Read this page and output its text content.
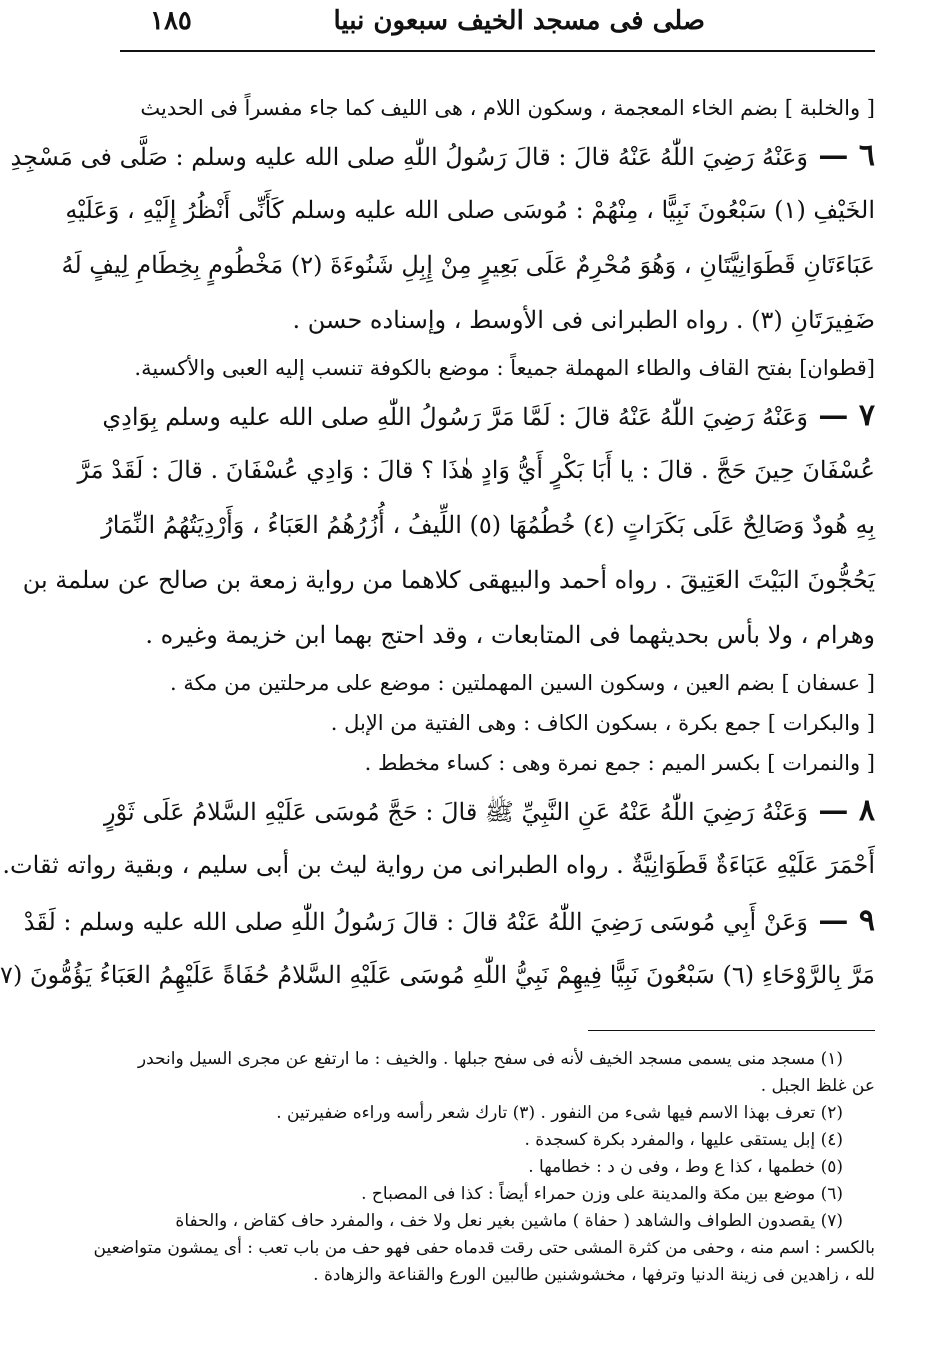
صلى فى مسجد الخيف سبعون نبيا
١٨٥
[ والخلبة ] بضم الخاء المعجمة ، وسكون اللام ، هى الليف كما جاء مفسراً فى الحديث
٦ — وَعَنْهُ رَضِيَ اللّٰهُ عَنْهُ قالَ : قالَ رَسُولُ اللّٰهِ صلى الله عليه وسلم : صَلَّى فى مَسْجِدِ
الخَيْفِ (١) سَبْعُونَ نَبِيًّا ، مِنْهُمْ : مُوسَى صلى الله عليه وسلم كَأَنِّى أَنْظُرُ إِلَيْهِ ، وَعَلَيْهِ
عَبَاءَتَانِ قَطَوَانِيَّتَانِ ، وَهُوَ مُحْرِمٌ عَلَى بَعِيرٍ مِنْ إِبِلِ شَنُوءَةَ (٢) مَخْطُومٍ بِخِطَامِ لِيفٍ لَهُ
ضَفِيرَتَانِ (٣) . رواه الطبرانى فى الأوسط ، وإسناده حسن .
[قطوان] بفتح القاف والطاء المهملة جميعاً : موضع بالكوفة تنسب إليه العبى والأكسية.
٧ — وَعَنْهُ رَضِيَ اللّٰهُ عَنْهُ قالَ : لَمَّا مَرَّ رَسُولُ اللّٰهِ صلى الله عليه وسلم بِوَادِي
عُسْفَانَ حِينَ حَجَّ . قالَ : يا أَبَا بَكْرٍ أَيُّ وَادٍ هٰذَا ؟ قالَ : وَادِي عُسْفَانَ . قالَ : لَقَدْ مَرَّ
بِهِ هُودٌ وَصَالِحٌ عَلَى بَكَرَاتٍ (٤) خُطُمُهَا (٥) اللِّيفُ ، أُزُرُهُمُ العَبَاءُ ، وَأَرْدِيَتُهُمُ النِّمَارُ
يَحُجُّونَ البَيْتَ العَتِيقَ . رواه أحمد والبيهقى كلاهما من رواية زمعة بن صالح عن سلمة بن
وهرام ، ولا بأس بحديثهما فى المتابعات ، وقد احتج بهما ابن خزيمة وغيره .
[ عسفان ] بضم العين ، وسكون السين المهملتين : موضع على مرحلتين من مكة .
[ والبكرات ] جمع بكرة ، بسكون الكاف : وهى الفتية من الإبل .
[ والنمرات ] بكسر الميم : جمع نمرة وهى : كساء مخطط .
٨ — وَعَنْهُ رَضِيَ اللّٰهُ عَنْهُ عَنِ النَّبِيِّ ﷺ قالَ : حَجَّ مُوسَى عَلَيْهِ السَّلامُ عَلَى ثَوْرٍ
أَحْمَرَ عَلَيْهِ عَبَاءَةٌ قَطَوَانِيَّةٌ . رواه الطبرانى من رواية ليث بن أبى سليم ، وبقية رواته ثقات.
٩ — وَعَنْ أَبِي مُوسَى رَضِيَ اللّٰهُ عَنْهُ قالَ : قالَ رَسُولُ اللّٰهِ صلى الله عليه وسلم : لَقَدْ
مَرَّ بِالرَّوْحَاءِ (٦) سَبْعُونَ نَبِيًّا فِيهِمْ نَبِيُّ اللّٰهِ مُوسَى عَلَيْهِ السَّلامُ حُفَاةً عَلَيْهِمُ العَبَاءُ يَؤُمُّونَ (٧
(١) مسجد منى يسمى مسجد الخيف لأنه فى سفح جبلها . والخيف : ما ارتفع عن مجرى السيل وانحدر
عن غلظ الجبل .
(٢) تعرف بهذا الاسم فيها شىء من النفور . (٣) تارك شعر رأسه وراءه ضفيرتين .
(٤) إبل يستقى عليها ، والمفرد بكرة كسجدة .
(٥) خطمها ، كذا ع وط ، وفى ن د : خطامها .
(٦) موضع بين مكة والمدينة على وزن حمراء أيضاً : كذا فى المصباح .
(٧) يقصدون الطواف والشاهد ( حفاة ) ماشين بغير نعل ولا خف ، والمفرد حاف كقاض ، والحفاة
بالكسر : اسم منه ، وحفى من كثرة المشى حتى رقت قدماه حفى فهو حف من باب تعب : أى يمشون متواضعين
لله ، زاهدين فى زينة الدنيا وترفها ، مخشوشنين طالبين الورع والقناعة والزهادة .
